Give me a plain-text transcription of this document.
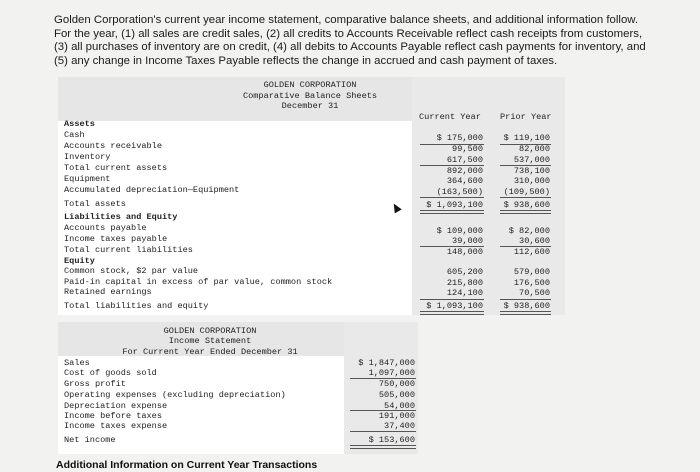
Golden Corporation's current year income statement, comparative balance sheets, and additional information follow. For the year, (1) all sales are credit sales, (2) all credits to Accounts Receivable reflect cash receipts from customers, (3) all purchases of inventory are on credit, (4) all debits to Accounts Payable reflect cash payments for inventory, and (5) any change in Income Taxes Payable reflects the change in accrued and cash payment of taxes.
GOLDEN CORPORATION
Comparative Balance Sheets
December 31
Current Year Prior Year
Assets
Cash
Accounts receivable
Inventory
Total current assets
Equipment
Accumulated depreciation—Equipment
Total assets
Liabilities and Equity
Accounts payable
Income taxes payable
Total current liabilities
Equity
Common stock, $2 par value
Paid-in capital in excess of par value, common stock
Retained earnings
Total liabilities and equity
$ 175,000
99,500
617,500
892,000
364,600
(163,500)
$ 1,093,100
$ 109,000
39,000
148,000
605,200
215,800
124,100
$ 1,093,100
$ 119,100
82,000
537,000
738,100
310,000
(109,500)
$ 938,600
$ 82,000
30,600
112,600
579,000
176,500
70,500
$ 938,600
GOLDEN CORPORATION
Income Statement
For Current Year Ended December 31
Sales
Cost of goods sold
Gross profit
Operating expenses (excluding depreciation)
Depreciation expense
Income before taxes
Income taxes expense
Net income
$ 1,847,000
1,097,000
750,000
505,000
54,000
191,000
37,400
$ 153,600
Additional Information on Current Year Transactions
